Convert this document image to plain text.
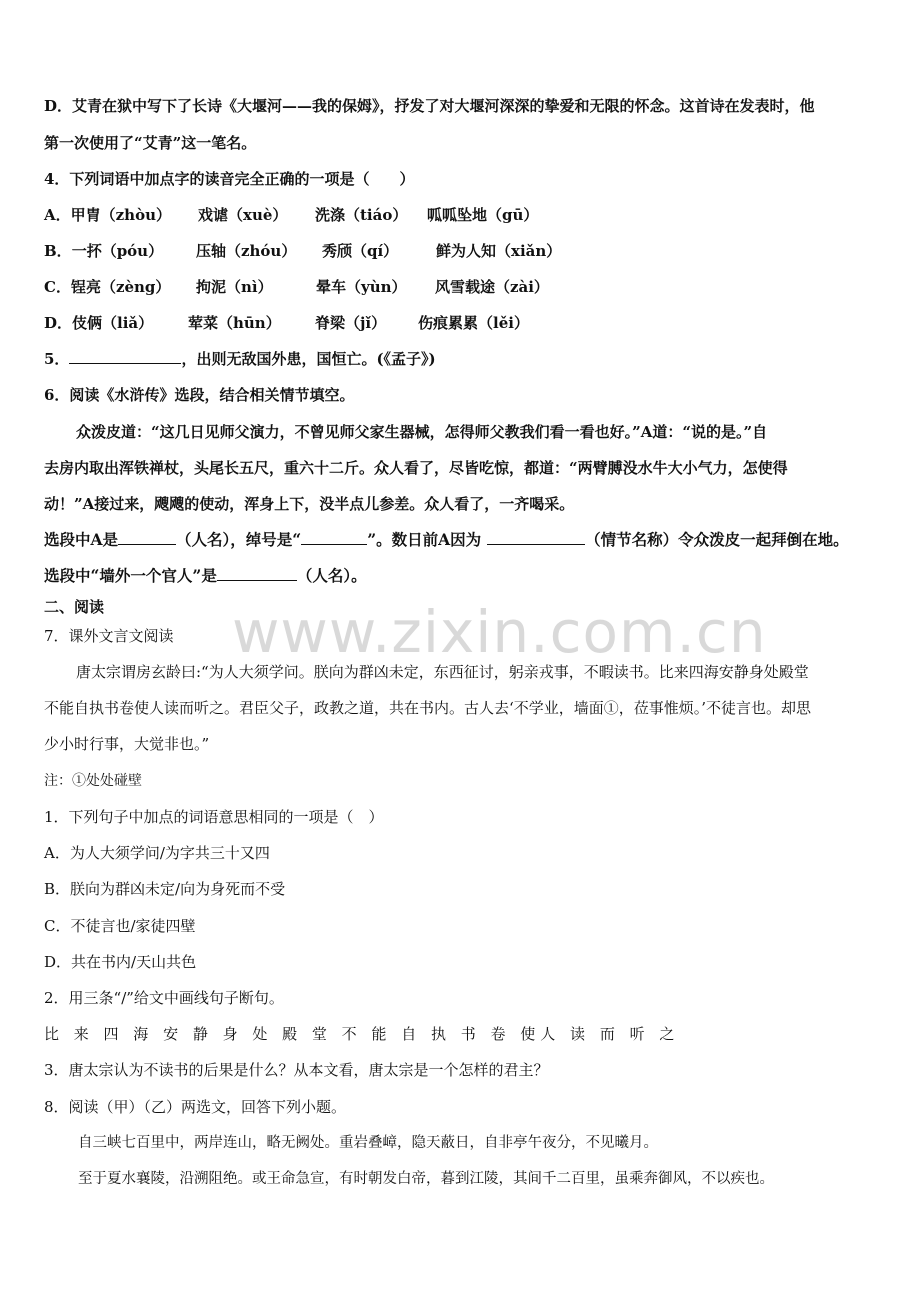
www.zixin.com.cn
D．艾青在狱中写下了长诗《大堰河——我的保姆》，抒发了对大堰河深深的挚爱和无限的怀念。这首诗在发表时，他
第一次使用了“艾青”这一笔名。
4．下列词语中加点字的读音完全正确的一项是（　　）
A．甲胄（zhòu） 戏谑（xuè） 洗涤（tiáo） 呱呱坠地（gū）
B．一抔（póu） 压轴（zhóu） 秀颀（qí）	鲜为人知（xiǎn）
C．锃亮（zèng） 拘泥（nì）	晕车（yùn） 风雪载途（zài）
D．伎俩（liǎ） 荤菜（hūn） 脊梁（jǐ） 伤痕累累（lěi）
5．	，出则无敌国外患，国恒亡。(《孟子》)
6．阅读《水浒传》选段，结合相关情节填空。
众泼皮道：“这几日见师父演力，不曾见师父家生器械，怎得师父教我们看一看也好。”A道：“说的是。”自
去房内取出浑铁禅杖，头尾长五尺，重六十二斤。众人看了，尽皆吃惊，都道：“两臂膊没水牛大小气力，怎使得
动！”A接过来，飕飕的使动，浑身上下，没半点儿参差。众人看了，一齐喝采。
选段中A是	（人名），绰号是“	”。数日前A因为	（情节名称）令众泼皮一起拜倒在地。
选段中“墙外一个官人”是	（人名）。
二、阅读
7．课外文言文阅读
唐太宗谓房玄龄曰:“为人大须学问。朕向为群凶未定，东西征讨，躬亲戎事，不暇读书。比来四海安静身处殿堂
不能自执书卷使人读而听之。君臣父子，政教之道，共在书内。古人去‘不学业，墙面①，莅事惟烦。’不徒言也。却思
少小时行事，大觉非也。”
注：①处处碰壁
1．下列句子中加点的词语意思相同的一项是（　）
A．为人大须学问/为字共三十又四
B．朕向为群凶未定/向为身死而不受
C．不徒言也/家徒四壁
D．共在书内/天山共色
2．用三条“/”给文中画线句子断句。
比 来 四 海 安 静 身 处 殿 堂 不 能 自 执 书 卷 使人 读 而 听 之
3．唐太宗认为不读书的后果是什么？从本文看，唐太宗是一个怎样的君主？
8．阅读（甲）（乙）两选文，回答下列小题。
自三峡七百里中，两岸连山，略无阙处。重岩叠嶂，隐天蔽日，自非亭午夜分，不见曦月。
至于夏水襄陵，沿溯阻绝。或王命急宣，有时朝发白帝，暮到江陵，其间千二百里，虽乘奔御风，不以疾也。
